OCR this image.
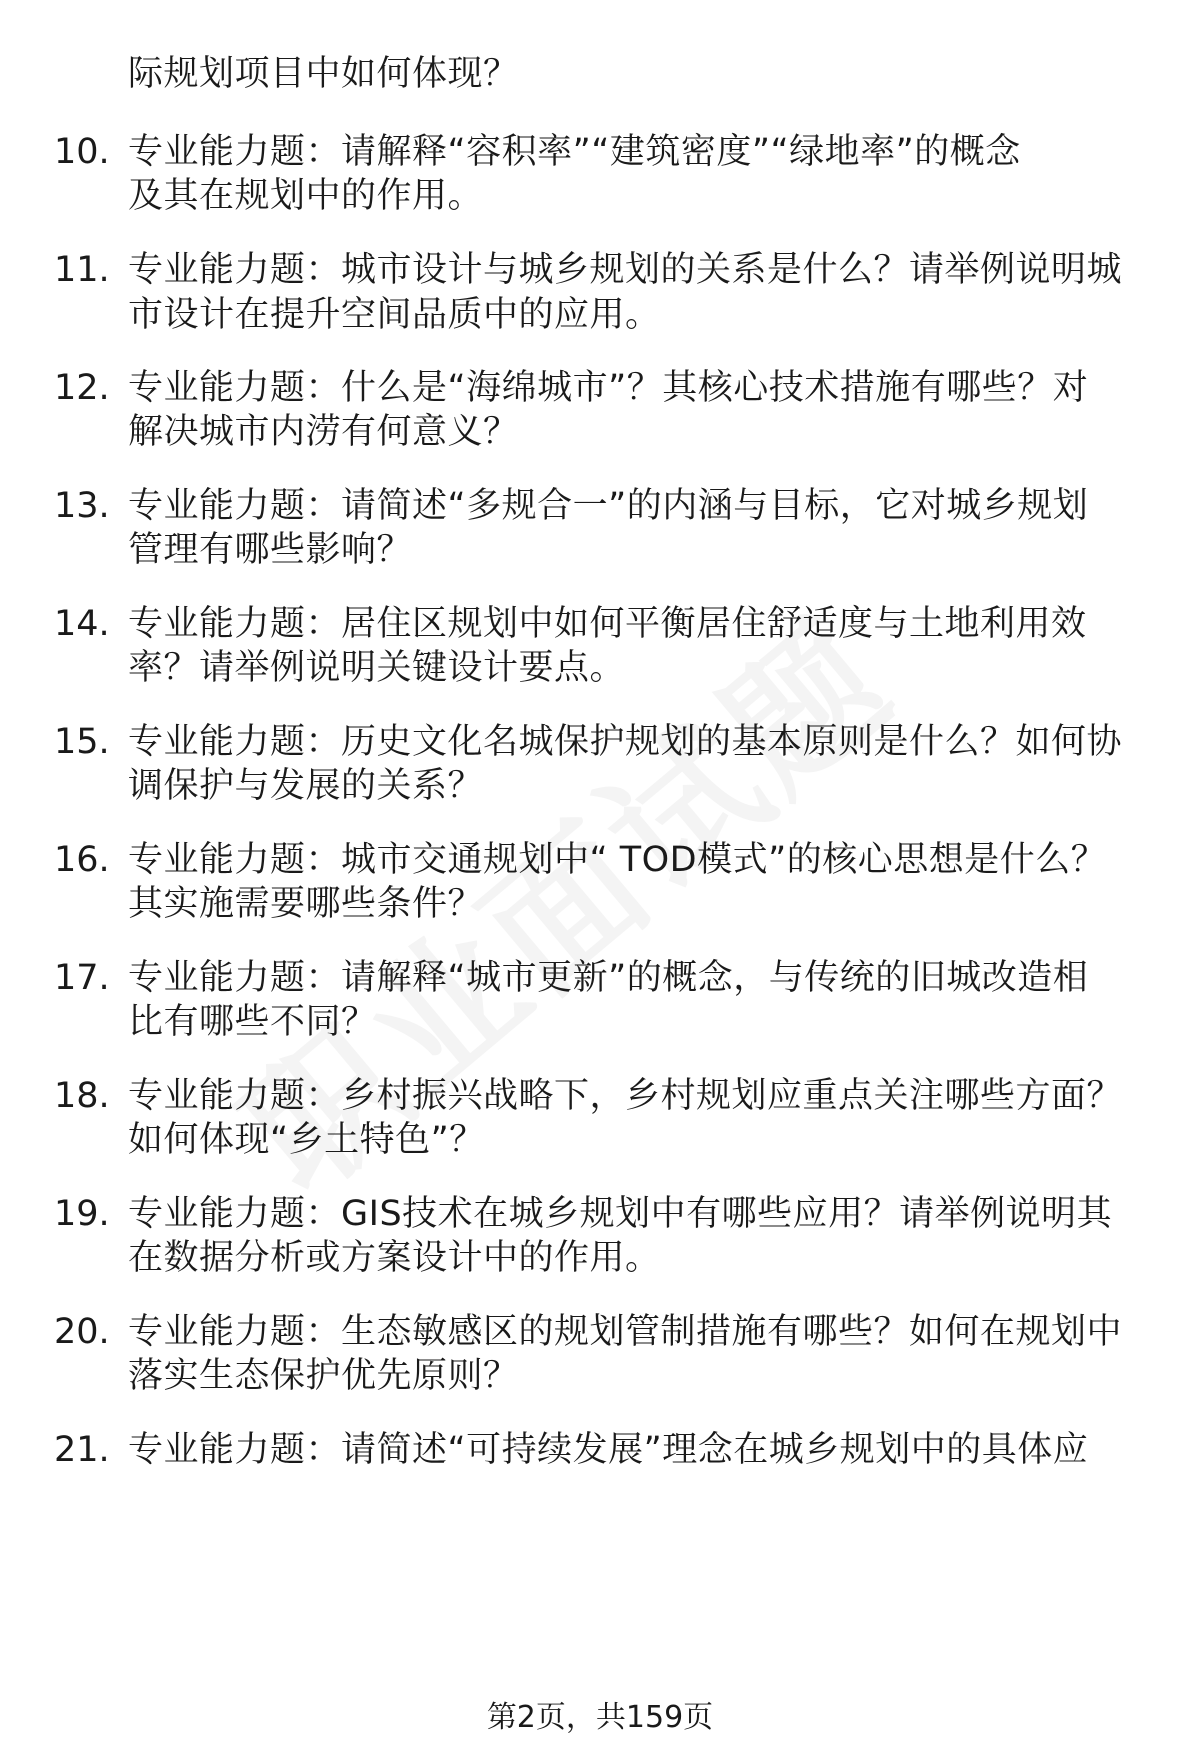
际规划项目中如何体现？
10. 专业能力题：请解释“容积率”“建筑密度”“绿地率”的概念
及其在规划中的作用。
11. 专业能力题：城市设计与城乡规划的关系是什么？请举例说明城
市设计在提升空间品质中的应用。
12. 专业能力题：什么是“海绵城市”？其核心技术措施有哪些？对
解决城市内涝有何意义？
13. 专业能力题：请简述“多规合一”的内涵与目标，它对城乡规划
管理有哪些影响？
14. 专业能力题：居住区规划中如何平衡居住舒适度与土地利用效
率？请举例说明关键设计要点。
15. 专业能力题：历史文化名城保护规划的基本原则是什么？如何协
调保护与发展的关系？
16. 专业能力题：城市交通规划中“ TOD模式”的核心思想是什么？
其实施需要哪些条件？
17. 专业能力题：请解释“城市更新”的概念，与传统的旧城改造相
比有哪些不同？
18. 专业能力题：乡村振兴战略下，乡村规划应重点关注哪些方面？
如何体现“乡土特色”？
19. 专业能力题：GIS技术在城乡规划中有哪些应用？请举例说明其
在数据分析或方案设计中的作用。
20. 专业能力题：生态敏感区的规划管制措施有哪些？如何在规划中
落实生态保护优先原则？
21. 专业能力题：请简述“可持续发展”理念在城乡规划中的具体应
第2页，共159页
